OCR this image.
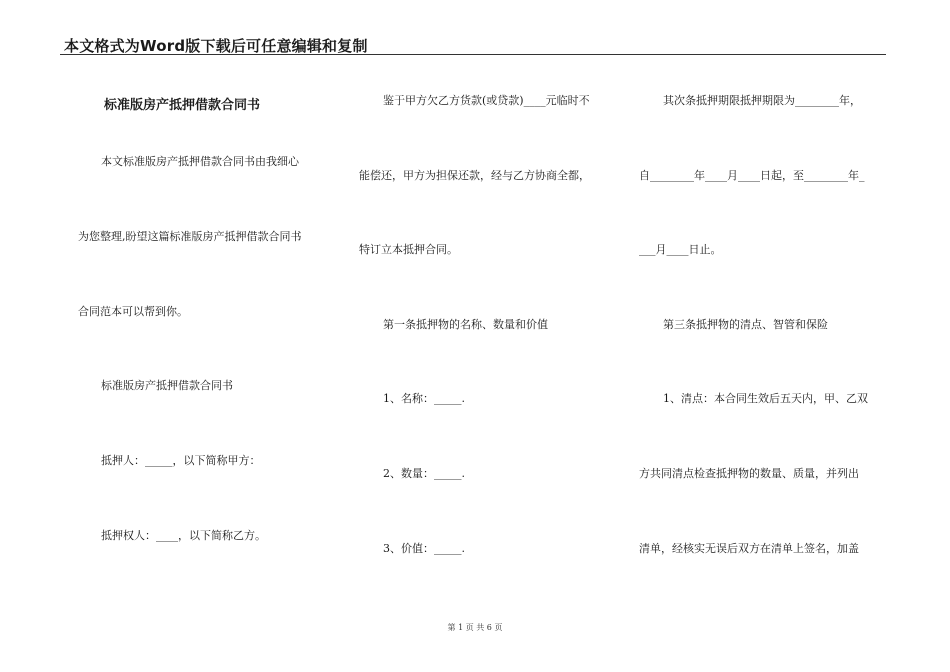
本文格式为Word版下载后可任意编辑和复制
标准版房产抵押借款合同书
本文标准版房产抵押借款合同书由我细心
为您整理,盼望这篇标准版房产抵押借款合同书
合同范本可以帮到你。
标准版房产抵押借款合同书
抵押人：_____，以下简称甲方：
抵押权人：____，以下简称乙方。
鉴于甲方欠乙方货款(或贷款)____元临时不
能偿还，甲方为担保还款，经与乙方协商全都，
特订立本抵押合同。
第一条抵押物的名称、数量和价值
1、名称：_____.
2、数量：_____.
3、价值：_____.
其次条抵押期限抵押期限为________年，
自________年____月____日起，至________年_
___月____日止。
第三条抵押物的清点、智管和保险
1、清点：本合同生效后五天内，甲、乙双
方共同清点检查抵押物的数量、质量，并列出
清单，经核实无误后双方在清单上签名，加盖
第 1 页 共 6 页
